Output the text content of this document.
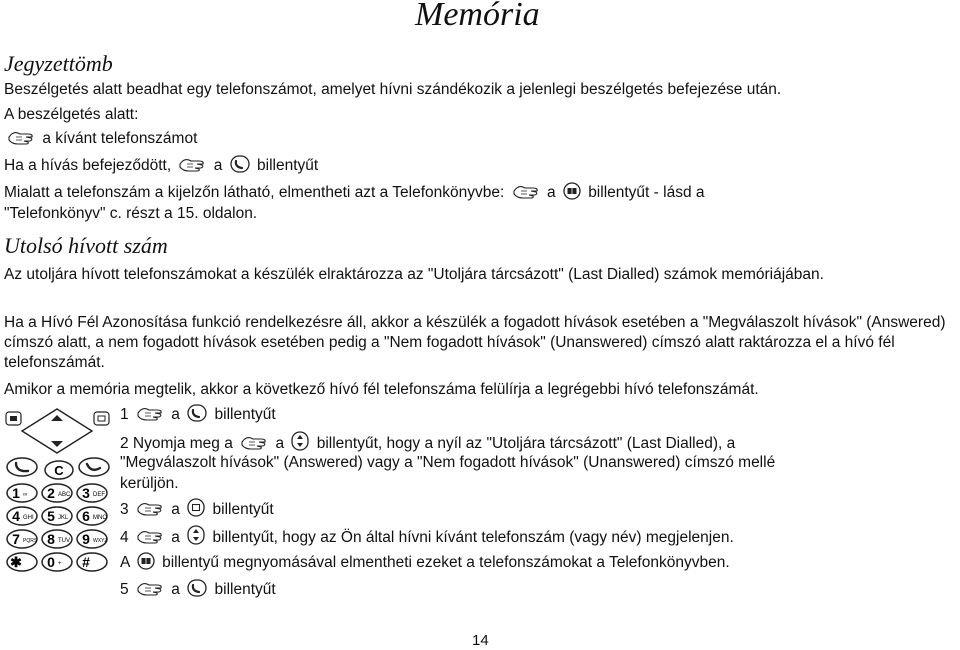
Memória
Jegyzettömb
Beszélgetés alatt beadhat egy telefonszámot, amelyet hívni szándékozik a jelenlegi beszélgetés befejezése után.
A beszélgetés alatt:
a kívánt telefonszámot
Ha a hívás befejeződött,	a billentyűt
Mialatt a telefonszám a kijelzőn látható, elmentheti azt a Telefonkönyvbe:	a billentyűt - lásd a
"Telefonkönyv" c. részt a 15. oldalon.
Utolsó hívott szám
Az utoljára hívott telefonszámokat a készülék elraktározza az "Utoljára tárcsázott" (Last Dialled) számok memóriájában.
Ha a Hívó Fél Azonosítása funkció rendelkezésre áll, akkor a készülék a fogadott hívások esetében a "Megválaszolt hívások" (Answered) címszó alatt, a nem fogadott hívások esetében pedig a "Nem fogadott hívások" (Unanswered) címszó alatt raktározza el a hívó fél telefonszámát.
Amikor a memória megtelik, akkor a következő hívó fél telefonszáma felülírja a legrégebbi hívó telefonszámát.
C
1 ∞ 2 ABC 3 DEF
4 GHI 5 JKL 6 MNO
7 PQRS 8 TUV 9 WXYZ
✱ 0 + #
1	a billentyűt
2 Nyomja meg a	a billentyűt, hogy a nyíl az "Utoljára tárcsázott" (Last Dialled), a
"Megválaszolt hívások" (Answered) vagy a "Nem fogadott hívások" (Unanswered) címszó mellé
kerüljön.
3	a billentyűt
4	a billentyűt, hogy az Ön által hívni kívánt telefonszám (vagy név) megjelenjen.
A billentyű megnyomásával elmentheti ezeket a telefonszámokat a Telefonkönyvben.
5	a billentyűt
14
